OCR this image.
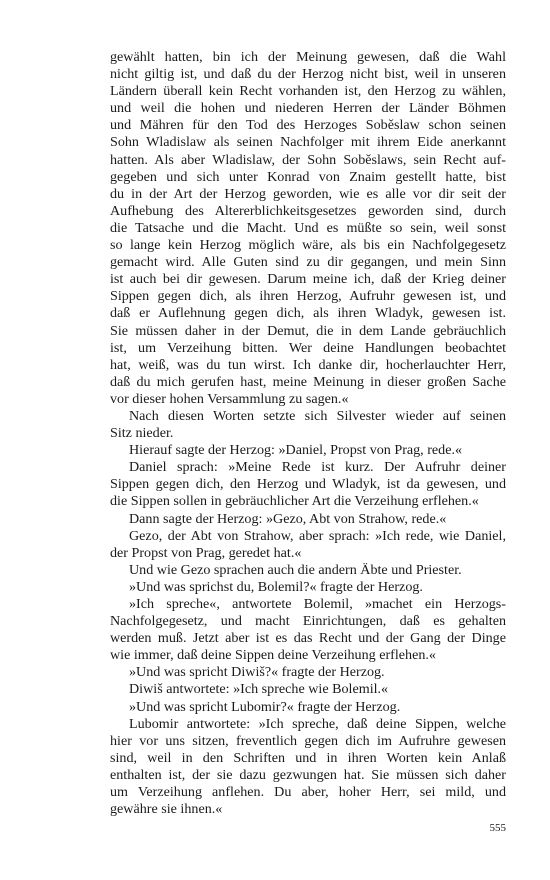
gewählt hatten, bin ich der Meinung gewesen, daß die Wahl

nicht giltig ist, und daß du der Herzog nicht bist, weil in unseren

Ländern überall kein Recht vorhanden ist, den Herzog zu wählen,

und weil die hohen und niederen Herren der Länder Böhmen

und Mähren für den Tod des Herzoges Soběslaw schon seinen

Sohn Wladislaw als seinen Nachfolger mit ihrem Eide anerkannt

hatten. Als aber Wladislaw, der Sohn Soběslaws, sein Recht auf-

gegeben und sich unter Konrad von Znaim gestellt hatte, bist

du in der Art der Herzog geworden, wie es alle vor dir seit der

Aufhebung des Altererblichkeitsgesetzes geworden sind, durch

die Tatsache und die Macht. Und es müßte so sein, weil sonst

so lange kein Herzog möglich wäre, als bis ein Nachfolgegesetz

gemacht wird. Alle Guten sind zu dir gegangen, und mein Sinn

ist auch bei dir gewesen. Darum meine ich, daß der Krieg deiner

Sippen gegen dich, als ihren Herzog, Aufruhr gewesen ist, und

daß er Auflehnung gegen dich, als ihren Wladyk, gewesen ist.

Sie müssen daher in der Demut, die in dem Lande gebräuchlich

ist, um Verzeihung bitten. Wer deine Handlungen beobachtet

hat, weiß, was du tun wirst. Ich danke dir, hocherlauchter Herr,

daß du mich gerufen hast, meine Meinung in dieser großen Sache

vor dieser hohen Versammlung zu sagen.«

Nach diesen Worten setzte sich Silvester wieder auf seinen

Sitz nieder.

Hierauf sagte der Herzog: »Daniel, Propst von Prag, rede.«

Daniel sprach: »Meine Rede ist kurz. Der Aufruhr deiner

Sippen gegen dich, den Herzog und Wladyk, ist da gewesen, und

die Sippen sollen in gebräuchlicher Art die Verzeihung erflehen.«

Dann sagte der Herzog: »Gezo, Abt von Strahow, rede.«

Gezo, der Abt von Strahow, aber sprach: »Ich rede, wie Daniel,

der Propst von Prag, geredet hat.«

Und wie Gezo sprachen auch die andern Äbte und Priester.

»Und was sprichst du, Bolemil?« fragte der Herzog.

»Ich spreche«, antwortete Bolemil, »machet ein Herzogs-

Nachfolgegesetz, und macht Einrichtungen, daß es gehalten

werden muß. Jetzt aber ist es das Recht und der Gang der Dinge

wie immer, daß deine Sippen deine Verzeihung erflehen.«

»Und was spricht Diwiš?« fragte der Herzog.

Diwiš antwortete: »Ich spreche wie Bolemil.«

»Und was spricht Lubomir?« fragte der Herzog.

Lubomir antwortete: »Ich spreche, daß deine Sippen, welche

hier vor uns sitzen, freventlich gegen dich im Aufruhre gewesen

sind, weil in den Schriften und in ihren Worten kein Anlaß

enthalten ist, der sie dazu gezwungen hat. Sie müssen sich daher

um Verzeihung anflehen. Du aber, hoher Herr, sei mild, und

gewähre sie ihnen.«

555
